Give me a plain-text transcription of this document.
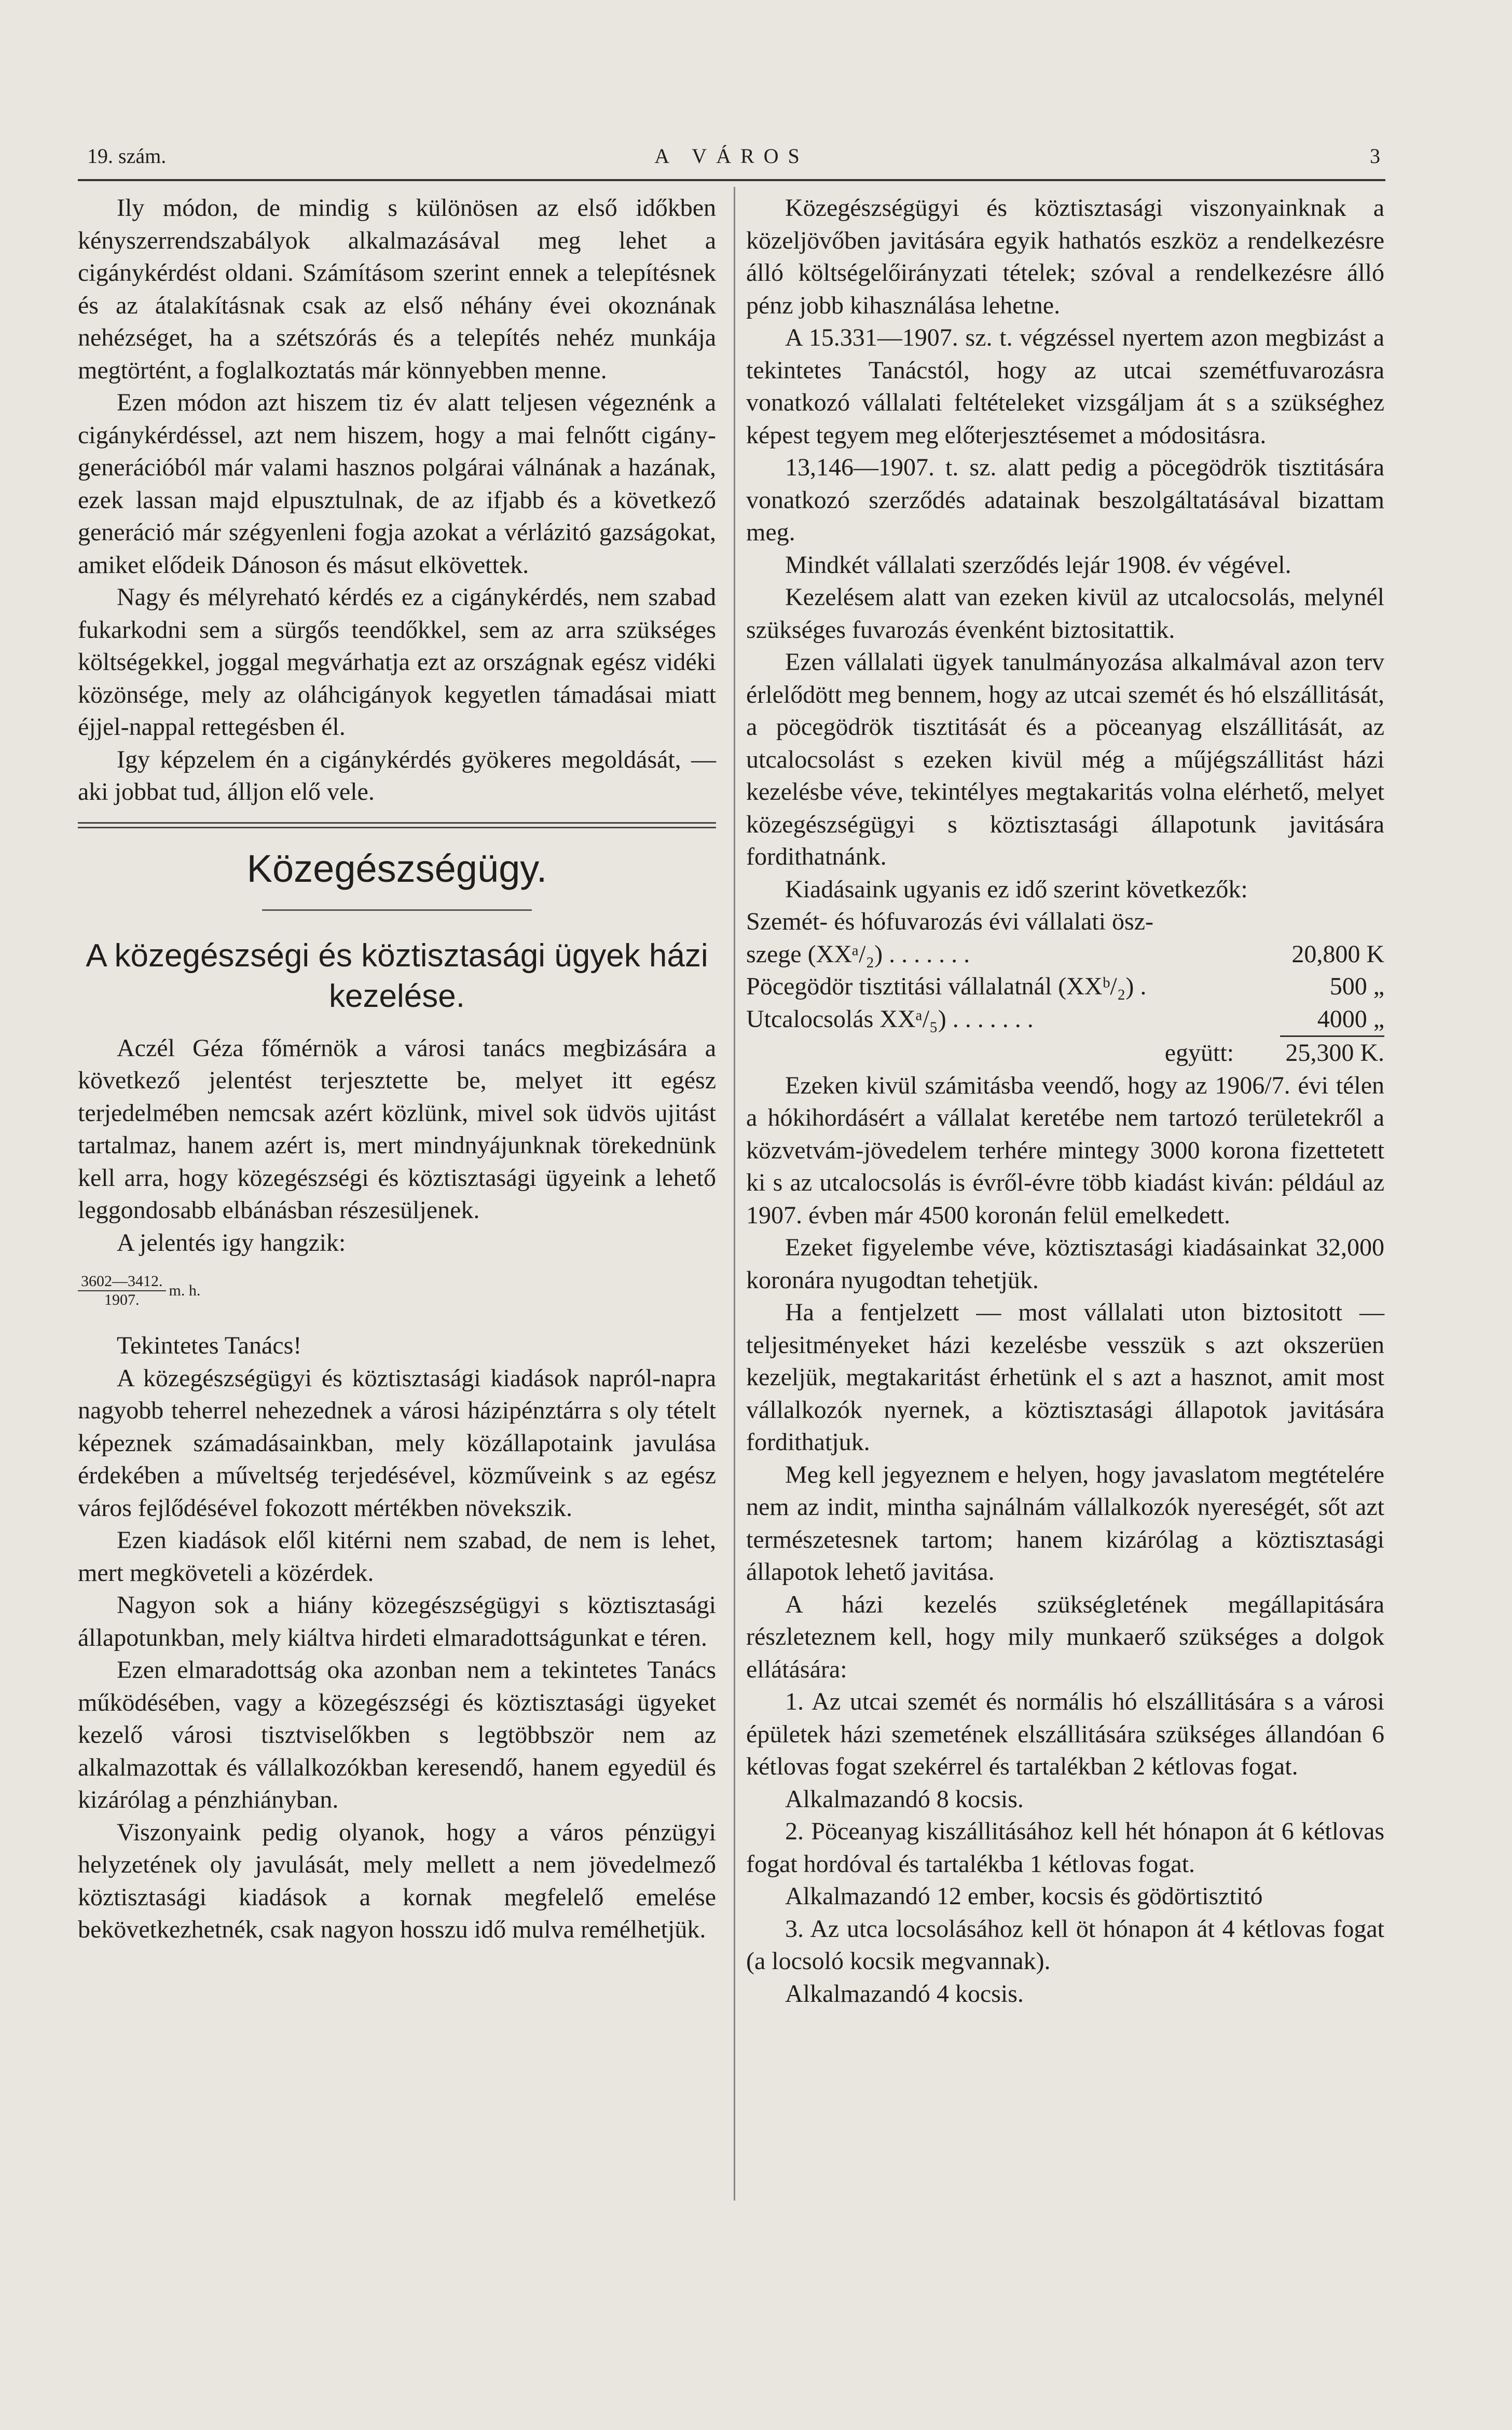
19. szám.	A VÁROS	3

Ily módon, de mindig s különösen az első időkben kényszerrendszabályok alkalmazásával meg lehet a cigánykérdést oldani. Számításom szerint ennek a telepítésnek és az átalakításnak csak az első néhány évei okoznának nehézséget, ha a szétszórás és a telepítés nehéz munkája megtörtént, a foglalkoztatás már könnyebben menne.

Ezen módon azt hiszem tiz év alatt teljesen végeznénk a cigánykérdéssel, azt nem hiszem, hogy a mai felnőtt cigány-generációból már valami hasznos polgárai válnának a hazának, ezek lassan majd elpusztulnak, de az ifjabb és a következő generáció már szégyenleni fogja azokat a vérlázitó gazságokat, amiket elődeik Dánoson és másut elkövettek.

Nagy és mélyreható kérdés ez a cigánykérdés, nem szabad fukarkodni sem a sürgős teendőkkel, sem az arra szükséges költségekkel, joggal megvárhatja ezt az országnak egész vidéki közönsége, mely az oláhcigányok kegyetlen támadásai miatt éjjel-nappal rettegésben él.

Igy képzelem én a cigánykérdés gyökeres megoldását, — aki jobbat tud, álljon elő vele.

Közegészségügy.
A közegészségi és köztisztasági ügyek házi kezelése.

Aczél Géza főmérnök a városi tanács megbizására a következő jelentést terjesztette be, melyet itt egész terjedelmében nemcsak azért közlünk, mivel sok üdvös ujitást tartalmaz, hanem azért is, mert mindnyájunknak törekednünk kell arra, hogy közegészségi és köztisztasági ügyeink a lehető leggondosabb elbánásban részesüljenek.

A jelentés igy hangzik:

$\frac{3602—3412.}{1907.} m$. h.

Tekintetes Tanács!

A közegészségügyi és köztisztasági kiadások napról-napra nagyobb teherrel nehezednek a városi házipénztárra s oly tételt képeznek számadásainkban, mely közállapotaink javulása érdekében a műveltség terjedésével, közműveink s az egész város fejlődésével fokozott mértékben növekszik.

Ezen kiadások elől kitérni nem szabad, de nem is lehet, mert megköveteli a közérdek.

Nagyon sok a hiány közegészségügyi s köztisztasági állapotunkban, mely kiáltva hirdeti elmaradottságunkat e téren.

Ezen elmaradottság oka azonban nem a tekintetes Tanács működésében, vagy a közegészségi és köztisztasági ügyeket kezelő városi tisztviselőkben s legtöbbször nem az alkalmazottak és vállalkozókban keresendő, hanem egyedül és kizárólag a pénzhiányban.

Viszonyaink pedig olyanok, hogy a város pénzügyi helyzetének oly javulását, mely mellett a nem jövedelmező köztisztasági kiadások a kornak megfelelő emelése bekövetkezhetnék, csak nagyon hosszu idő mulva remélhetjük.

Közegészségügyi és köztisztasági viszonyainknak a közeljövőben javitására egyik hathatós eszköz a rendelkezésre álló költségelőirányzati tételek; szóval a rendelkezésre álló pénz jobb kihasználása lehetne.

A 15.331—1907. sz. t. végzéssel nyertem azon megbizást a tekintetes Tanácstól, hogy az utcai szemétfuvarozásra vonatkozó vállalati feltételeket vizsgáljam át s a szükséghez képest tegyem meg előterjesztésemet a módositásra.

13,146—1907. t. sz. alatt pedig a pöcegödrök tisztitására vonatkozó szerződés adatainak beszolgáltatásával bizattam meg.

Mindkét vállalati szerződés lejár 1908. év végével.

Kezelésem alatt van ezeken kivül az utcalocsolás, melynél szükséges fuvarozás évenként biztositattik.

Ezen vállalati ügyek tanulmányozása alkalmával azon terv érlelődött meg bennem, hogy az utcai szemét és hó elszállitását, a pöcegödrök tisztitását és a pöceanyag elszállitását, az utcalocsolást s ezeken kivül még a műjégszállitást házi kezelésbe véve, tekintélyes megtakaritás volna elérhető, melyet közegészségügyi s köztisztasági állapotunk javitására fordithatnánk.

Kiadásaink ugyanis ez idő szerint következők:

Szemét- és hófuvarozás évi vállalati ösz-	
szege (XXᵃ/₂) . . . . . . .	20,800 K
Pöcegödör tisztitási vállalatnál (XXᵇ/₂) .	500 „
Utcalocsolás XXᵃ/₅) . . . . . . .	4000 „
együtt:	25,300 K.

Ezeken kivül számitásba veendő, hogy az 1906/7. évi télen a hókihordásért a vállalat keretébe nem tartozó területekről a közvetvám-jövedelem terhére mintegy 3000 korona fizettetett ki s az utcalocsolás is évről-évre több kiadást kiván: például az 1907. évben már 4500 koronán felül emelkedett.

Ezeket figyelembe véve, köztisztasági kiadásainkat 32,000 koronára nyugodtan tehetjük.

Ha a fentjelzett — most vállalati uton biztositott — teljesitményeket házi kezelésbe vesszük s azt okszerüen kezeljük, megtakaritást érhetünk el s azt a hasznot, amit most vállalkozók nyernek, a köztisztasági állapotok javitására fordithatjuk.

Meg kell jegyeznem e helyen, hogy javaslatom megtételére nem az indit, mintha sajnálnám vállalkozók nyereségét, sőt azt természetesnek tartom; hanem kizárólag a köztisztasági állapotok lehető javitása.

A házi kezelés szükségletének megállapitására részleteznem kell, hogy mily munkaerő szükséges a dolgok ellátására:

1. Az utcai szemét és normális hó elszállitására s a városi épületek házi szemetének elszállitására szükséges állandóan 6 kétlovas fogat szekérrel és tartalékban 2 kétlovas fogat.

Alkalmazandó 8 kocsis.

2. Pöceanyag kiszállitásához kell hét hónapon át 6 kétlovas fogat hordóval és tartalékba 1 kétlovas fogat.

Alkalmazandó 12 ember, kocsis és gödörtisztitó

3. Az utca locsolásához kell öt hónapon át 4 kétlovas fogat (a locsoló kocsik megvannak).

Alkalmazandó 4 kocsis.
